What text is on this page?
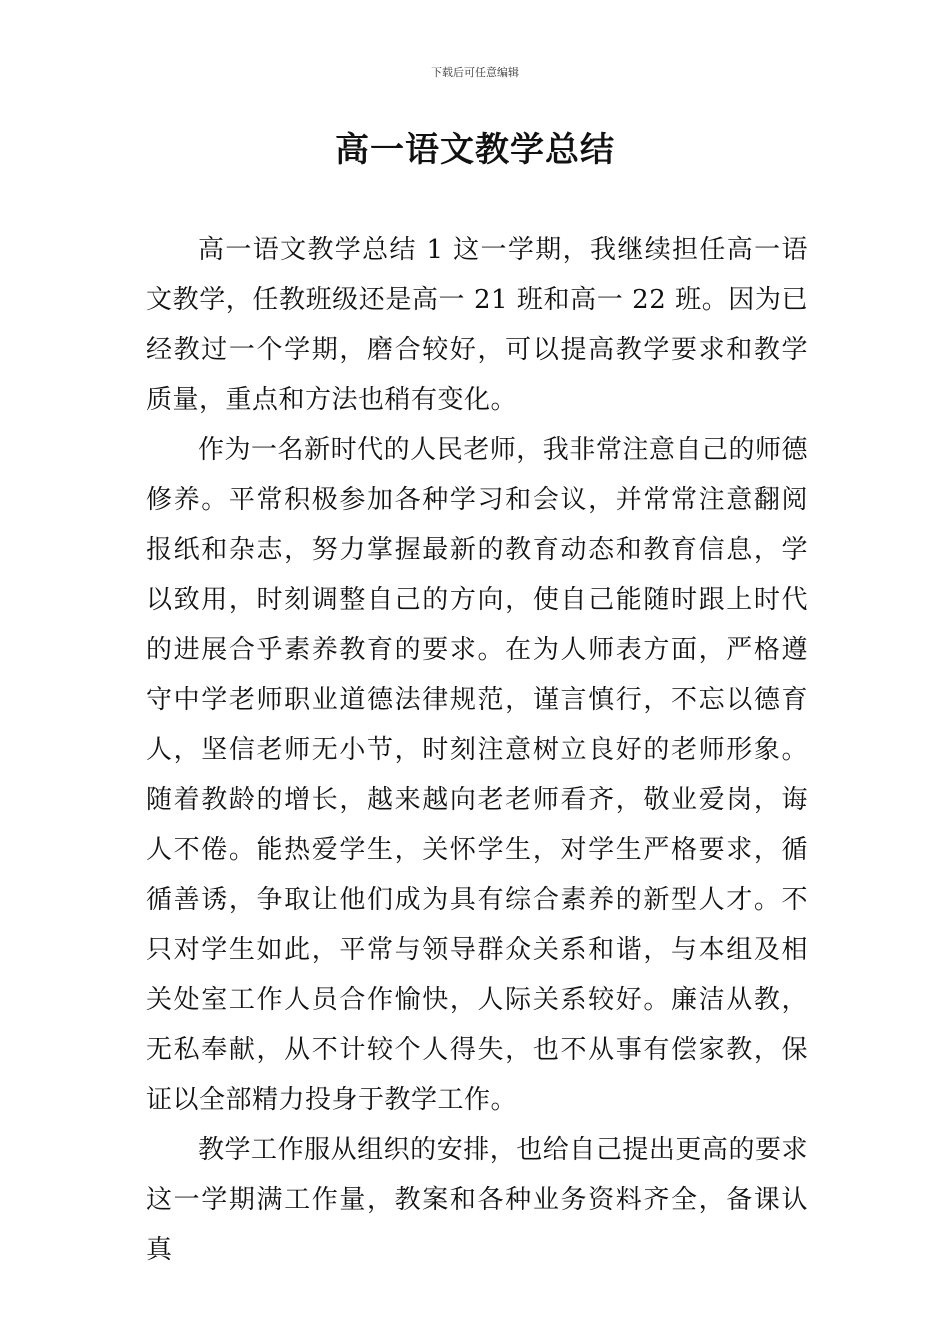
下载后可任意编辑
高一语文教学总结

高一语文教学总结 1 这一学期，我继续担任高一语文教学，任教班级还是高一 21 班和高一 22 班。因为已经教过一个学期，磨合较好，可以提高教学要求和教学质量，重点和方法也稍有变化。

作为一名新时代的人民老师，我非常注意自己的师德修养。平常积极参加各种学习和会议，并常常注意翻阅报纸和杂志，努力掌握最新的教育动态和教育信息，学以致用，时刻调整自己的方向，使自己能随时跟上时代的进展合乎素养教育的要求。在为人师表方面，严格遵守中学老师职业道德法律规范，谨言慎行，不忘以德育人，坚信老师无小节，时刻注意树立良好的老师形象。随着教龄的增长，越来越向老老师看齐，敬业爱岗，诲人不倦。能热爱学生，关怀学生，对学生严格要求，循循善诱，争取让他们成为具有综合素养的新型人才。不只对学生如此，平常与领导群众关系和谐，与本组及相关处室工作人员合作愉快，人际关系较好。廉洁从教，无私奉献，从不计较个人得失，也不从事有偿家教，保证以全部精力投身于教学工作。

教学工作服从组织的安排，也给自己提出更高的要求这一学期满工作量，教案和各种业务资料齐全，备课认真
